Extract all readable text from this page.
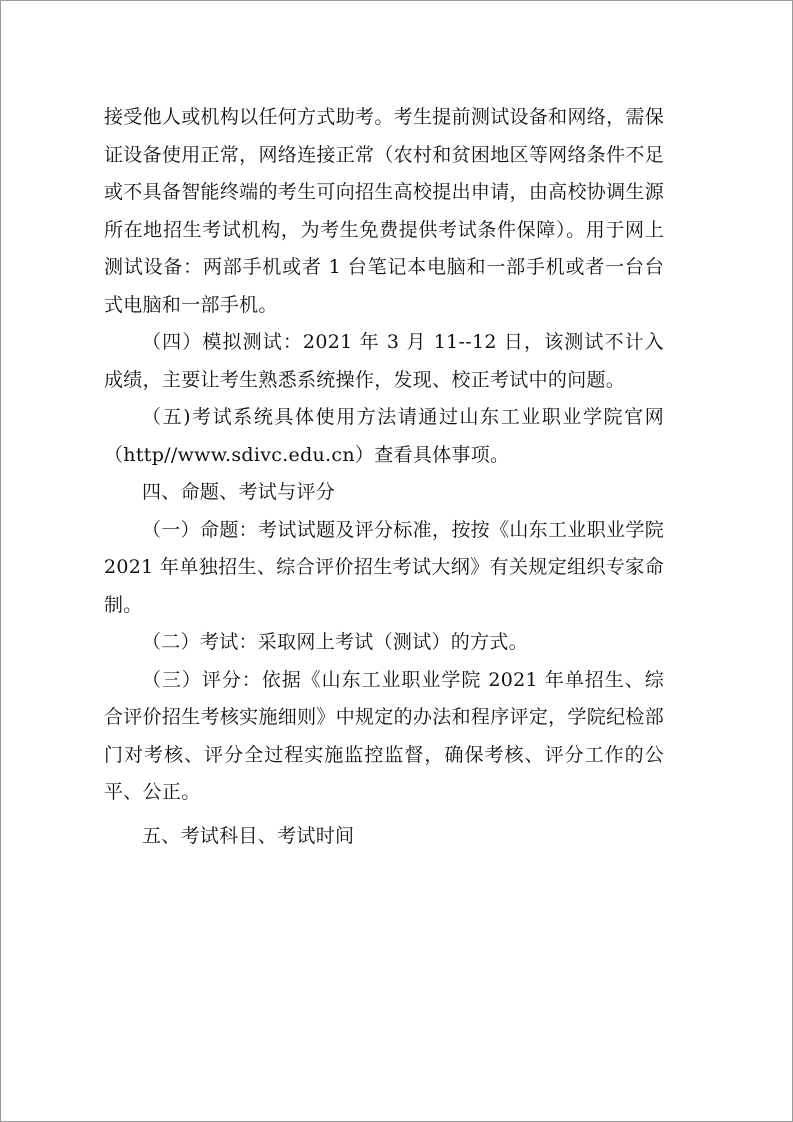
接受他人或机构以任何方式助考。考生提前测试设备和网络，需保证设备使用正常，网络连接正常（农村和贫困地区等网络条件不足或不具备智能终端的考生可向招生高校提出申请，由高校协调生源所在地招生考试机构，为考生免费提供考试条件保障）。用于网上测试设备：两部手机或者 1 台笔记本电脑和一部手机或者一台台式电脑和一部手机。

（四）模拟测试：2021 年 3 月 11--12 日，该测试不计入成绩，主要让考生熟悉系统操作，发现、校正考试中的问题。

（五)考试系统具体使用方法请通过山东工业职业学院官网（http//www.sdivc.edu.cn）查看具体事项。

四、命题、考试与评分

（一）命题：考试试题及评分标准，按按《山东工业职业学院 2021 年单独招生、综合评价招生考试大纲》有关规定组织专家命制。

（二）考试：采取网上考试（测试）的方式。

（三）评分：依据《山东工业职业学院 2021 年单招生、综合评价招生考核实施细则》中规定的办法和程序评定，学院纪检部门对考核、评分全过程实施监控监督，确保考核、评分工作的公平、公正。

五、考试科目、考试时间
